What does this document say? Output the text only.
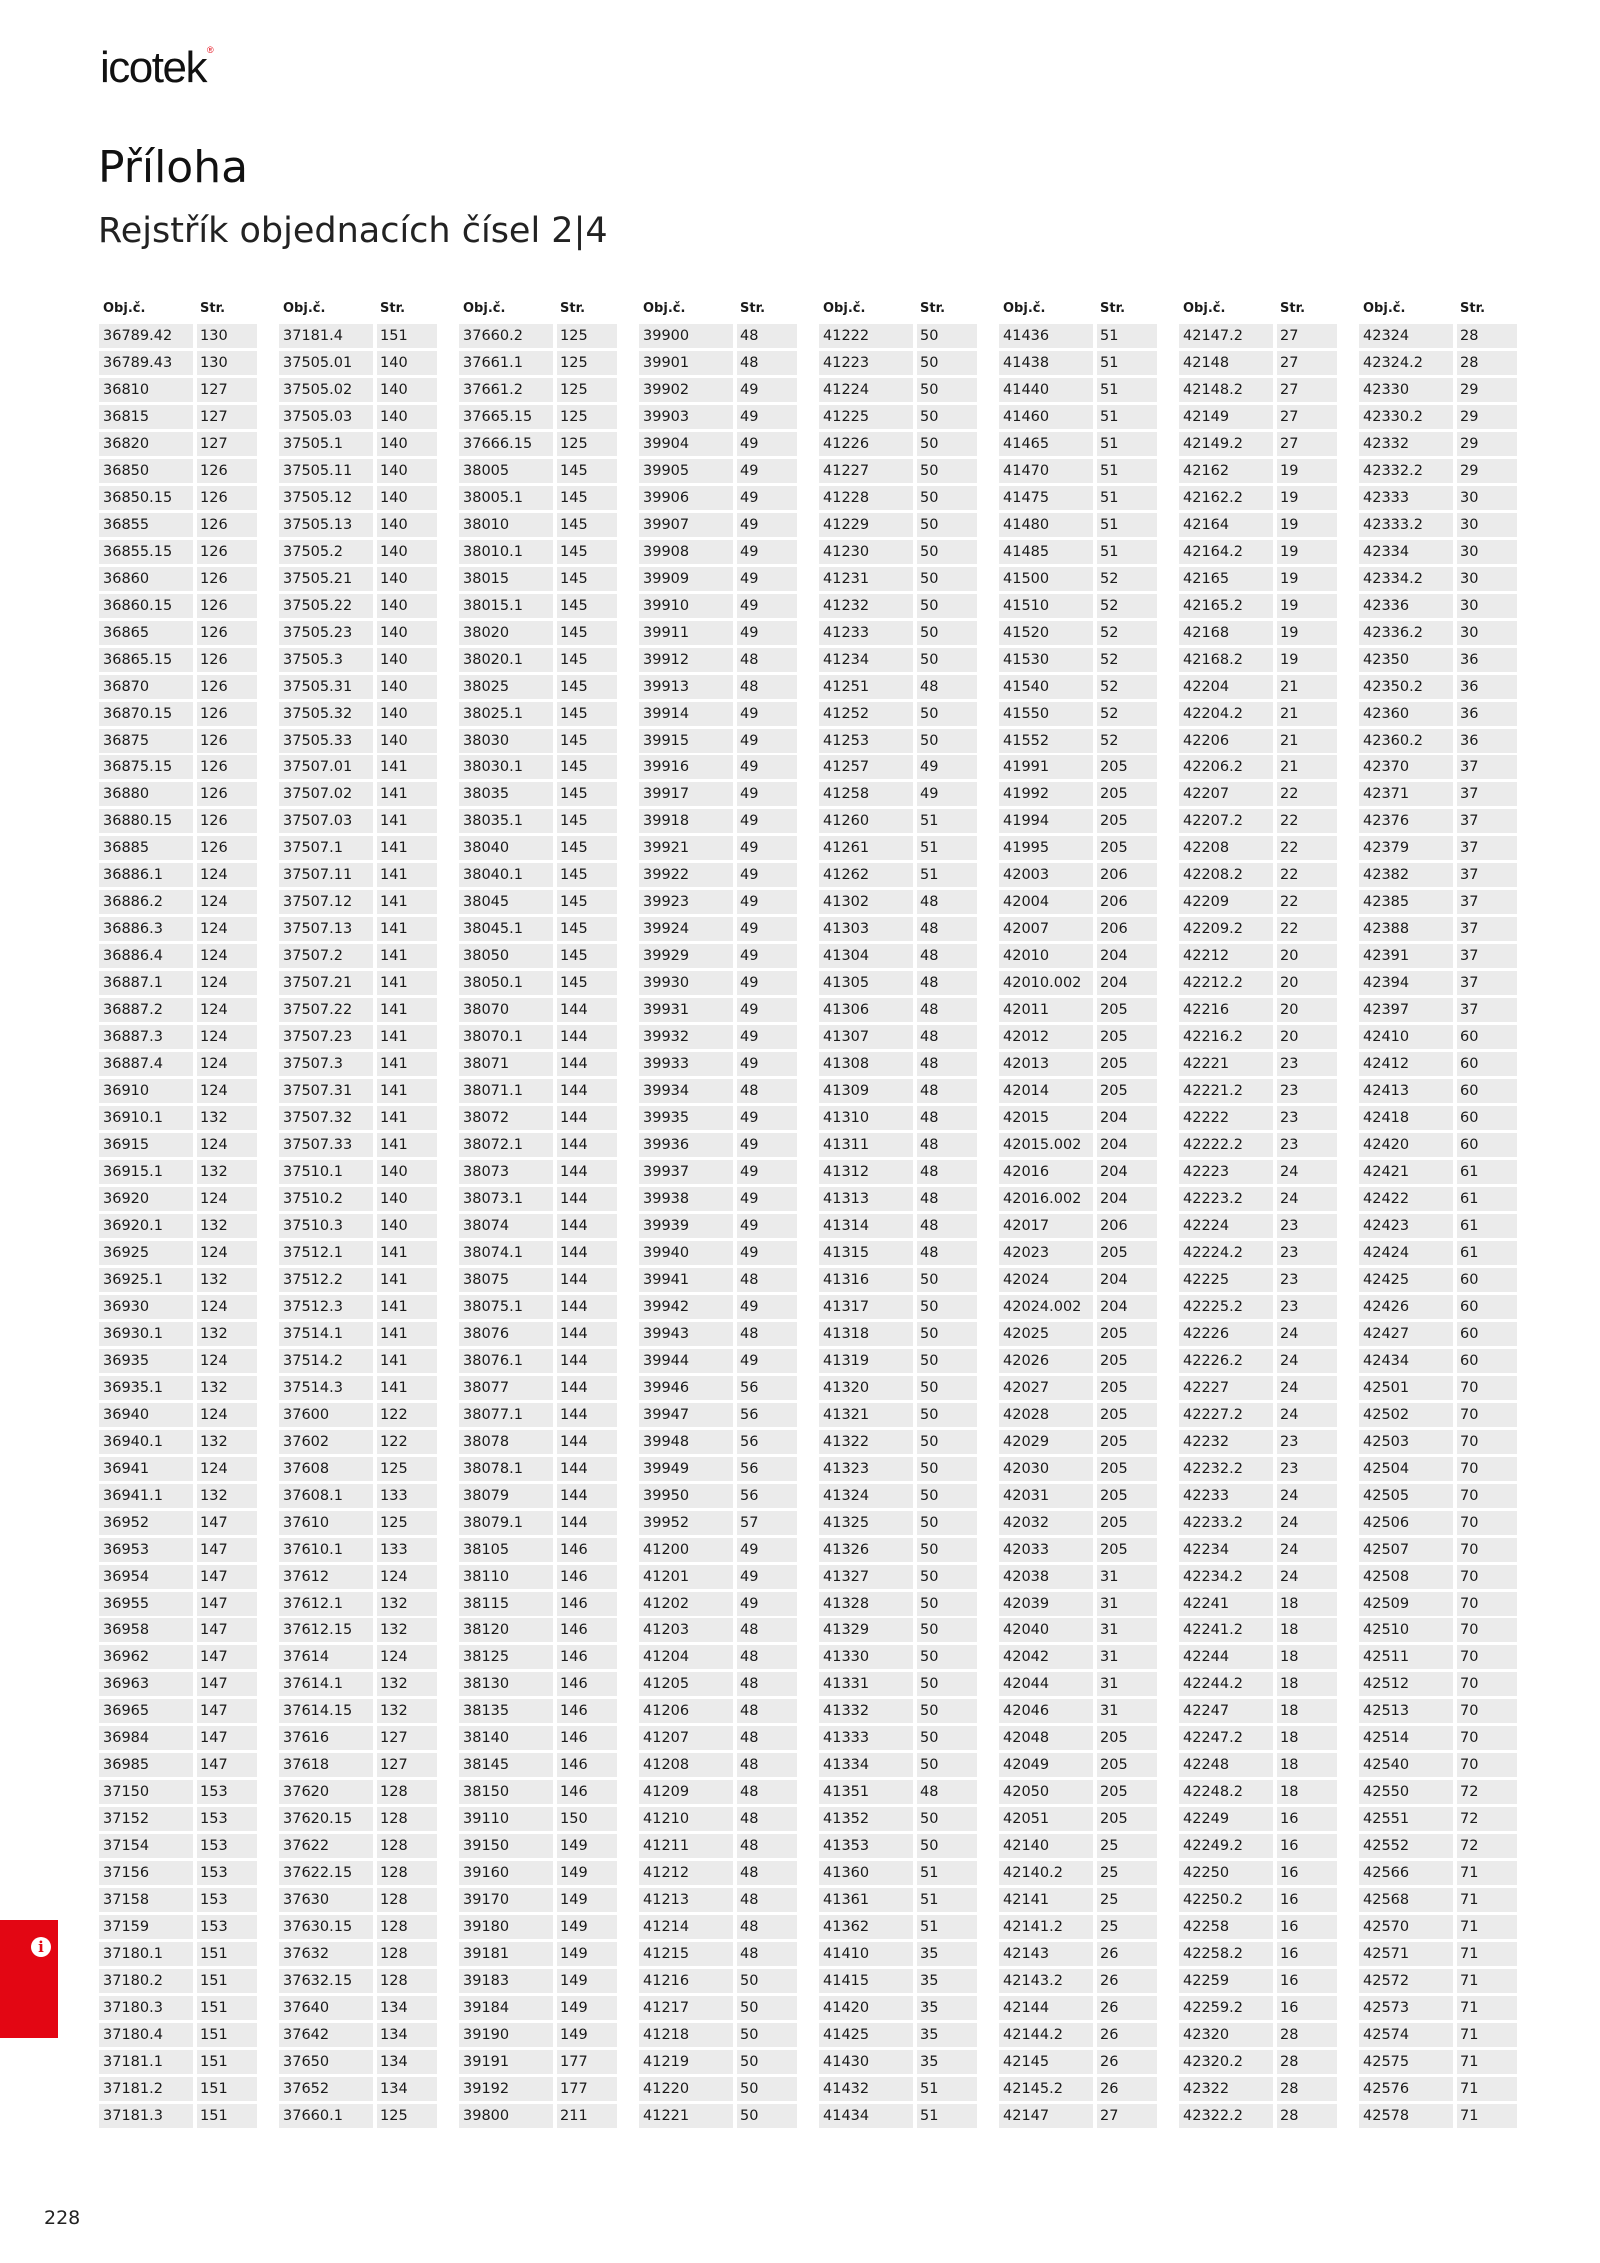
icotek®
Příloha
Rejstřík objednacích čísel 2|4
Obj.č.	Str.
36789.42	130
36789.43	130
36810	127
36815	127
36820	127
36850	126
36850.15	126
36855	126
36855.15	126
36860	126
36860.15	126
36865	126
36865.15	126
36870	126
36870.15	126
36875	126
36875.15	126
36880	126
36880.15	126
36885	126
36886.1	124
36886.2	124
36886.3	124
36886.4	124
36887.1	124
36887.2	124
36887.3	124
36887.4	124
36910	124
36910.1	132
36915	124
36915.1	132
36920	124
36920.1	132
36925	124
36925.1	132
36930	124
36930.1	132
36935	124
36935.1	132
36940	124
36940.1	132
36941	124
36941.1	132
36952	147
36953	147
36954	147
36955	147
36958	147
36962	147
36963	147
36965	147
36984	147
36985	147
37150	153
37152	153
37154	153
37156	153
37158	153
37159	153
37180.1	151
37180.2	151
37180.3	151
37180.4	151
37181.1	151
37181.2	151
37181.3	151
Obj.č.	Str.
37181.4	151
37505.01	140
37505.02	140
37505.03	140
37505.1	140
37505.11	140
37505.12	140
37505.13	140
37505.2	140
37505.21	140
37505.22	140
37505.23	140
37505.3	140
37505.31	140
37505.32	140
37505.33	140
37507.01	141
37507.02	141
37507.03	141
37507.1	141
37507.11	141
37507.12	141
37507.13	141
37507.2	141
37507.21	141
37507.22	141
37507.23	141
37507.3	141
37507.31	141
37507.32	141
37507.33	141
37510.1	140
37510.2	140
37510.3	140
37512.1	141
37512.2	141
37512.3	141
37514.1	141
37514.2	141
37514.3	141
37600	122
37602	122
37608	125
37608.1	133
37610	125
37610.1	133
37612	124
37612.1	132
37612.15	132
37614	124
37614.1	132
37614.15	132
37616	127
37618	127
37620	128
37620.15	128
37622	128
37622.15	128
37630	128
37630.15	128
37632	128
37632.15	128
37640	134
37642	134
37650	134
37652	134
37660.1	125
Obj.č.	Str.
37660.2	125
37661.1	125
37661.2	125
37665.15	125
37666.15	125
38005	145
38005.1	145
38010	145
38010.1	145
38015	145
38015.1	145
38020	145
38020.1	145
38025	145
38025.1	145
38030	145
38030.1	145
38035	145
38035.1	145
38040	145
38040.1	145
38045	145
38045.1	145
38050	145
38050.1	145
38070	144
38070.1	144
38071	144
38071.1	144
38072	144
38072.1	144
38073	144
38073.1	144
38074	144
38074.1	144
38075	144
38075.1	144
38076	144
38076.1	144
38077	144
38077.1	144
38078	144
38078.1	144
38079	144
38079.1	144
38105	146
38110	146
38115	146
38120	146
38125	146
38130	146
38135	146
38140	146
38145	146
38150	146
39110	150
39150	149
39160	149
39170	149
39180	149
39181	149
39183	149
39184	149
39190	149
39191	177
39192	177
39800	211
Obj.č.	Str.
39900	48
39901	48
39902	49
39903	49
39904	49
39905	49
39906	49
39907	49
39908	49
39909	49
39910	49
39911	49
39912	48
39913	48
39914	49
39915	49
39916	49
39917	49
39918	49
39921	49
39922	49
39923	49
39924	49
39929	49
39930	49
39931	49
39932	49
39933	49
39934	48
39935	49
39936	49
39937	49
39938	49
39939	49
39940	49
39941	48
39942	49
39943	48
39944	49
39946	56
39947	56
39948	56
39949	56
39950	56
39952	57
41200	49
41201	49
41202	49
41203	48
41204	48
41205	48
41206	48
41207	48
41208	48
41209	48
41210	48
41211	48
41212	48
41213	48
41214	48
41215	48
41216	50
41217	50
41218	50
41219	50
41220	50
41221	50
Obj.č.	Str.
41222	50
41223	50
41224	50
41225	50
41226	50
41227	50
41228	50
41229	50
41230	50
41231	50
41232	50
41233	50
41234	50
41251	48
41252	50
41253	50
41257	49
41258	49
41260	51
41261	51
41262	51
41302	48
41303	48
41304	48
41305	48
41306	48
41307	48
41308	48
41309	48
41310	48
41311	48
41312	48
41313	48
41314	48
41315	48
41316	50
41317	50
41318	50
41319	50
41320	50
41321	50
41322	50
41323	50
41324	50
41325	50
41326	50
41327	50
41328	50
41329	50
41330	50
41331	50
41332	50
41333	50
41334	50
41351	48
41352	50
41353	50
41360	51
41361	51
41362	51
41410	35
41415	35
41420	35
41425	35
41430	35
41432	51
41434	51
Obj.č.	Str.
41436	51
41438	51
41440	51
41460	51
41465	51
41470	51
41475	51
41480	51
41485	51
41500	52
41510	52
41520	52
41530	52
41540	52
41550	52
41552	52
41991	205
41992	205
41994	205
41995	205
42003	206
42004	206
42007	206
42010	204
42010.002	204
42011	205
42012	205
42013	205
42014	205
42015	204
42015.002	204
42016	204
42016.002	204
42017	206
42023	205
42024	204
42024.002	204
42025	205
42026	205
42027	205
42028	205
42029	205
42030	205
42031	205
42032	205
42033	205
42038	31
42039	31
42040	31
42042	31
42044	31
42046	31
42048	205
42049	205
42050	205
42051	205
42140	25
42140.2	25
42141	25
42141.2	25
42143	26
42143.2	26
42144	26
42144.2	26
42145	26
42145.2	26
42147	27
Obj.č.	Str.
42147.2	27
42148	27
42148.2	27
42149	27
42149.2	27
42162	19
42162.2	19
42164	19
42164.2	19
42165	19
42165.2	19
42168	19
42168.2	19
42204	21
42204.2	21
42206	21
42206.2	21
42207	22
42207.2	22
42208	22
42208.2	22
42209	22
42209.2	22
42212	20
42212.2	20
42216	20
42216.2	20
42221	23
42221.2	23
42222	23
42222.2	23
42223	24
42223.2	24
42224	23
42224.2	23
42225	23
42225.2	23
42226	24
42226.2	24
42227	24
42227.2	24
42232	23
42232.2	23
42233	24
42233.2	24
42234	24
42234.2	24
42241	18
42241.2	18
42244	18
42244.2	18
42247	18
42247.2	18
42248	18
42248.2	18
42249	16
42249.2	16
42250	16
42250.2	16
42258	16
42258.2	16
42259	16
42259.2	16
42320	28
42320.2	28
42322	28
42322.2	28
Obj.č.	Str.
42324	28
42324.2	28
42330	29
42330.2	29
42332	29
42332.2	29
42333	30
42333.2	30
42334	30
42334.2	30
42336	30
42336.2	30
42350	36
42350.2	36
42360	36
42360.2	36
42370	37
42371	37
42376	37
42379	37
42382	37
42385	37
42388	37
42391	37
42394	37
42397	37
42410	60
42412	60
42413	60
42418	60
42420	60
42421	61
42422	61
42423	61
42424	61
42425	60
42426	60
42427	60
42434	60
42501	70
42502	70
42503	70
42504	70
42505	70
42506	70
42507	70
42508	70
42509	70
42510	70
42511	70
42512	70
42513	70
42514	70
42540	70
42550	72
42551	72
42552	72
42566	71
42568	71
42570	71
42571	71
42572	71
42573	71
42574	71
42575	71
42576	71
42578	71
i
228
